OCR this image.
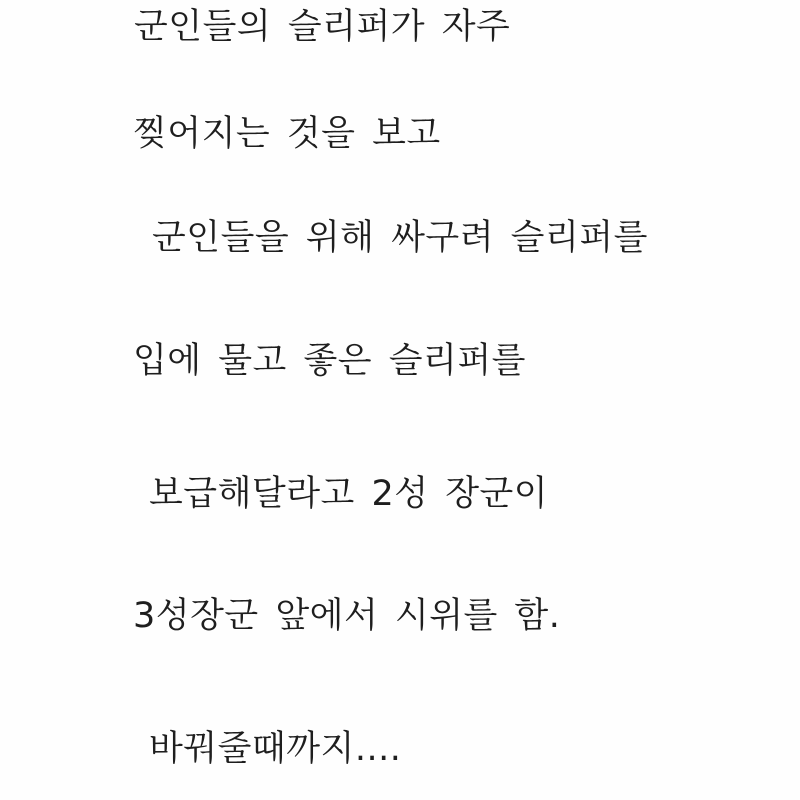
군인들의 슬리퍼가 자주
찢어지는 것을 보고
군인들을 위해 싸구려 슬리퍼를
입에 물고 좋은 슬리퍼를
보급해달라고 2성 장군이
3성장군 앞에서 시위를 함.
바꿔줄때까지....
